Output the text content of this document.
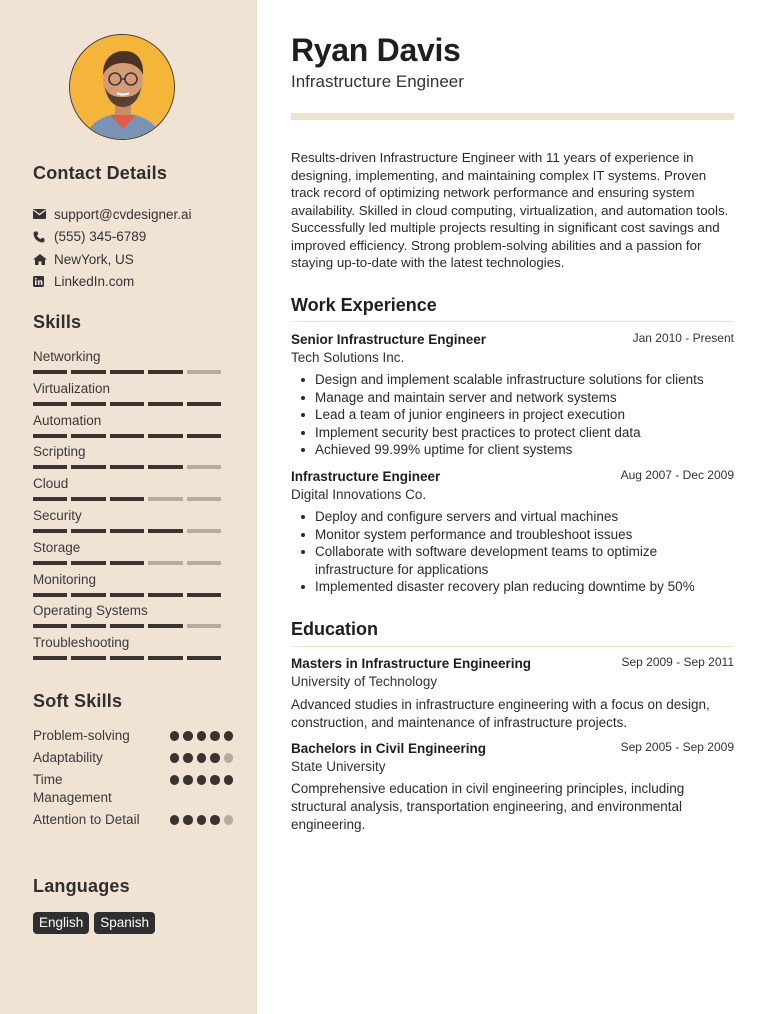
Contact Details
support@cvdesigner.ai
(555) 345-6789
NewYork, US
LinkedIn.com
Skills
Networking
Virtualization
Automation
Scripting
Cloud
Security
Storage
Monitoring
Operating Systems
Troubleshooting
Soft Skills
Problem-solving
Adaptability
Time Management
Attention to Detail
Languages
English	Spanish
Ryan Davis
Infrastructure Engineer
Results-driven Infrastructure Engineer with 11 years of experience in designing, implementing, and maintaining complex IT systems. Proven track record of optimizing network performance and ensuring system availability. Skilled in cloud computing, virtualization, and automation tools. Successfully led multiple projects resulting in significant cost savings and improved efficiency. Strong problem-solving abilities and a passion for staying up-to-date with the latest technologies.
Work Experience
Senior Infrastructure Engineer	Jan 2010 - Present
Tech Solutions Inc.
Design and implement scalable infrastructure solutions for clients
Manage and maintain server and network systems
Lead a team of junior engineers in project execution
Implement security best practices to protect client data
Achieved 99.99% uptime for client systems
Infrastructure Engineer	Aug 2007 - Dec 2009
Digital Innovations Co.
Deploy and configure servers and virtual machines
Monitor system performance and troubleshoot issues
Collaborate with software development teams to optimize infrastructure for applications
Implemented disaster recovery plan reducing downtime by 50%
Education
Masters in Infrastructure Engineering	Sep 2009 - Sep 2011
University of Technology
Advanced studies in infrastructure engineering with a focus on design, construction, and maintenance of infrastructure projects.
Bachelors in Civil Engineering	Sep 2005 - Sep 2009
State University
Comprehensive education in civil engineering principles, including structural analysis, transportation engineering, and environmental engineering.
